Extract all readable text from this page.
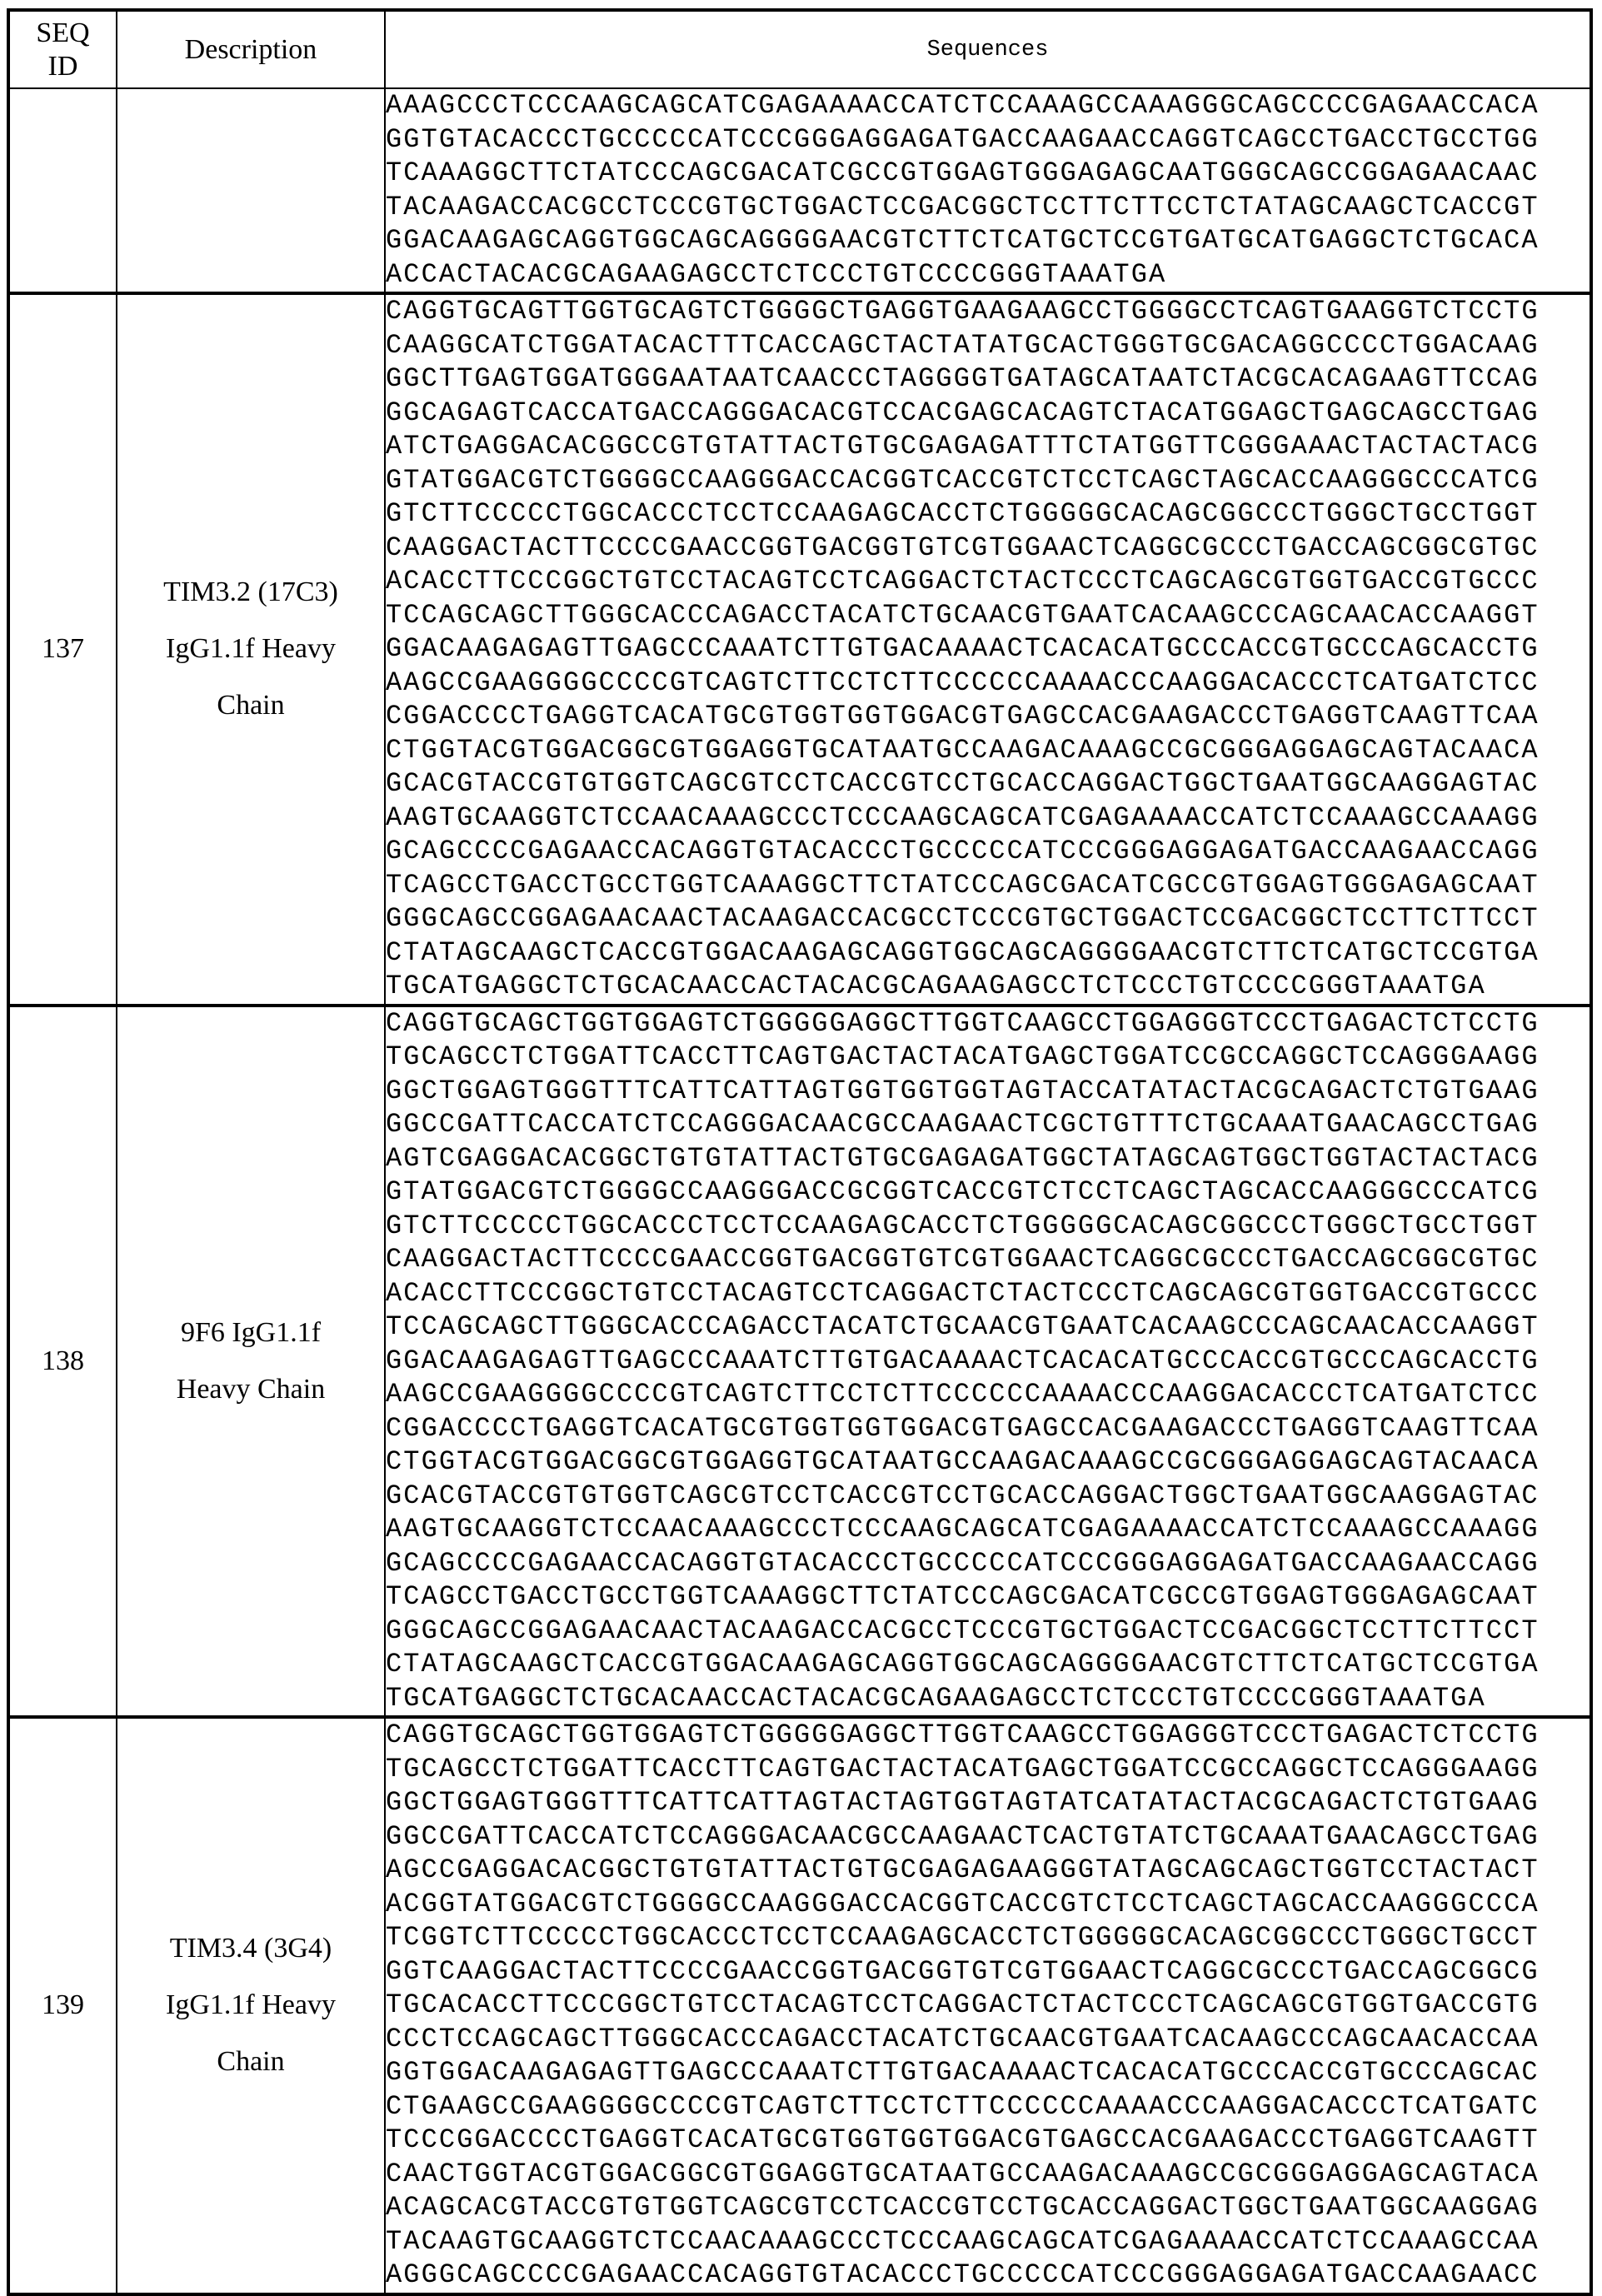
SEQ
ID
	Description	Sequences

AAAGCCCTCCCAAGCAGCATCGAGAAAACCATCTCCAAAGCCAAAGGGCAGCCCCGAGAACCACA
GGTGTACACCCTGCCCCCATCCCGGGAGGAGATGACCAAGAACCAGGTCAGCCTGACCTGCCTGG
TCAAAGGCTTCTATCCCAGCGACATCGCCGTGGAGTGGGAGAGCAATGGGCAGCCGGAGAACAAC
TACAAGACCACGCCTCCCGTGCTGGACTCCGACGGCTCCTTCTTCCTCTATAGCAAGCTCACCGT
GGACAAGAGCAGGTGGCAGCAGGGGAACGTCTTCTCATGCTCCGTGATGCATGAGGCTCTGCACA
ACCACTACACGCAGAAGAGCCTCTCCCTGTCCCCGGGTAAATGA

137	
TIM3.2 (17C3)
IgG1.1f Heavy
Chain

CAGGTGCAGTTGGTGCAGTCTGGGGCTGAGGTGAAGAAGCCTGGGGCCTCAGTGAAGGTCTCCTG
CAAGGCATCTGGATACACTTTCACCAGCTACTATATGCACTGGGTGCGACAGGCCCCTGGACAAG
GGCTTGAGTGGATGGGAATAATCAACCCTAGGGGTGATAGCATAATCTACGCACAGAAGTTCCAG
GGCAGAGTCACCATGACCAGGGACACGTCCACGAGCACAGTCTACATGGAGCTGAGCAGCCTGAG
ATCTGAGGACACGGCCGTGTATTACTGTGCGAGAGATTTCTATGGTTCGGGAAACTACTACTACG
GTATGGACGTCTGGGGCCAAGGGACCACGGTCACCGTCTCCTCAGCTAGCACCAAGGGCCCATCG
GTCTTCCCCCTGGCACCCTCCTCCAAGAGCACCTCTGGGGGCACAGCGGCCCTGGGCTGCCTGGT
CAAGGACTACTTCCCCGAACCGGTGACGGTGTCGTGGAACTCAGGCGCCCTGACCAGCGGCGTGC
ACACCTTCCCGGCTGTCCTACAGTCCTCAGGACTCTACTCCCTCAGCAGCGTGGTGACCGTGCCC
TCCAGCAGCTTGGGCACCCAGACCTACATCTGCAACGTGAATCACAAGCCCAGCAACACCAAGGT
GGACAAGAGAGTTGAGCCCAAATCTTGTGACAAAACTCACACATGCCCACCGTGCCCAGCACCTG
AAGCCGAAGGGGCCCCGTCAGTCTTCCTCTTCCCCCCAAAACCCAAGGACACCCTCATGATCTCC
CGGACCCCTGAGGTCACATGCGTGGTGGTGGACGTGAGCCACGAAGACCCTGAGGTCAAGTTCAA
CTGGTACGTGGACGGCGTGGAGGTGCATAATGCCAAGACAAAGCCGCGGGAGGAGCAGTACAACA
GCACGTACCGTGTGGTCAGCGTCCTCACCGTCCTGCACCAGGACTGGCTGAATGGCAAGGAGTAC
AAGTGCAAGGTCTCCAACAAAGCCCTCCCAAGCAGCATCGAGAAAACCATCTCCAAAGCCAAAGG
GCAGCCCCGAGAACCACAGGTGTACACCCTGCCCCCATCCCGGGAGGAGATGACCAAGAACCAGG
TCAGCCTGACCTGCCTGGTCAAAGGCTTCTATCCCAGCGACATCGCCGTGGAGTGGGAGAGCAAT
GGGCAGCCGGAGAACAACTACAAGACCACGCCTCCCGTGCTGGACTCCGACGGCTCCTTCTTCCT
CTATAGCAAGCTCACCGTGGACAAGAGCAGGTGGCAGCAGGGGAACGTCTTCTCATGCTCCGTGA
TGCATGAGGCTCTGCACAACCACTACACGCAGAAGAGCCTCTCCCTGTCCCCGGGTAAATGA

138	
9F6 IgG1.1f
Heavy Chain

CAGGTGCAGCTGGTGGAGTCTGGGGGAGGCTTGGTCAAGCCTGGAGGGTCCCTGAGACTCTCCTG
TGCAGCCTCTGGATTCACCTTCAGTGACTACTACATGAGCTGGATCCGCCAGGCTCCAGGGAAGG
GGCTGGAGTGGGTTTCATTCATTAGTGGTGGTGGTAGTACCATATACTACGCAGACTCTGTGAAG
GGCCGATTCACCATCTCCAGGGACAACGCCAAGAACTCGCTGTTTCTGCAAATGAACAGCCTGAG
AGTCGAGGACACGGCTGTGTATTACTGTGCGAGAGATGGCTATAGCAGTGGCTGGTACTACTACG
GTATGGACGTCTGGGGCCAAGGGACCGCGGTCACCGTCTCCTCAGCTAGCACCAAGGGCCCATCG
GTCTTCCCCCTGGCACCCTCCTCCAAGAGCACCTCTGGGGGCACAGCGGCCCTGGGCTGCCTGGT
CAAGGACTACTTCCCCGAACCGGTGACGGTGTCGTGGAACTCAGGCGCCCTGACCAGCGGCGTGC
ACACCTTCCCGGCTGTCCTACAGTCCTCAGGACTCTACTCCCTCAGCAGCGTGGTGACCGTGCCC
TCCAGCAGCTTGGGCACCCAGACCTACATCTGCAACGTGAATCACAAGCCCAGCAACACCAAGGT
GGACAAGAGAGTTGAGCCCAAATCTTGTGACAAAACTCACACATGCCCACCGTGCCCAGCACCTG
AAGCCGAAGGGGCCCCGTCAGTCTTCCTCTTCCCCCCAAAACCCAAGGACACCCTCATGATCTCC
CGGACCCCTGAGGTCACATGCGTGGTGGTGGACGTGAGCCACGAAGACCCTGAGGTCAAGTTCAA
CTGGTACGTGGACGGCGTGGAGGTGCATAATGCCAAGACAAAGCCGCGGGAGGAGCAGTACAACA
GCACGTACCGTGTGGTCAGCGTCCTCACCGTCCTGCACCAGGACTGGCTGAATGGCAAGGAGTAC
AAGTGCAAGGTCTCCAACAAAGCCCTCCCAAGCAGCATCGAGAAAACCATCTCCAAAGCCAAAGG
GCAGCCCCGAGAACCACAGGTGTACACCCTGCCCCCATCCCGGGAGGAGATGACCAAGAACCAGG
TCAGCCTGACCTGCCTGGTCAAAGGCTTCTATCCCAGCGACATCGCCGTGGAGTGGGAGAGCAAT
GGGCAGCCGGAGAACAACTACAAGACCACGCCTCCCGTGCTGGACTCCGACGGCTCCTTCTTCCT
CTATAGCAAGCTCACCGTGGACAAGAGCAGGTGGCAGCAGGGGAACGTCTTCTCATGCTCCGTGA
TGCATGAGGCTCTGCACAACCACTACACGCAGAAGAGCCTCTCCCTGTCCCCGGGTAAATGA

139	
TIM3.4 (3G4)
IgG1.1f Heavy
Chain

CAGGTGCAGCTGGTGGAGTCTGGGGGAGGCTTGGTCAAGCCTGGAGGGTCCCTGAGACTCTCCTG
TGCAGCCTCTGGATTCACCTTCAGTGACTACTACATGAGCTGGATCCGCCAGGCTCCAGGGAAGG
GGCTGGAGTGGGTTTCATTCATTAGTACTAGTGGTAGTATCATATACTACGCAGACTCTGTGAAG
GGCCGATTCACCATCTCCAGGGACAACGCCAAGAACTCACTGTATCTGCAAATGAACAGCCTGAG
AGCCGAGGACACGGCTGTGTATTACTGTGCGAGAGAAGGGTATAGCAGCAGCTGGTCCTACTACT
ACGGTATGGACGTCTGGGGCCAAGGGACCACGGTCACCGTCTCCTCAGCTAGCACCAAGGGCCCA
TCGGTCTTCCCCCTGGCACCCTCCTCCAAGAGCACCTCTGGGGGCACAGCGGCCCTGGGCTGCCT
GGTCAAGGACTACTTCCCCGAACCGGTGACGGTGTCGTGGAACTCAGGCGCCCTGACCAGCGGCG
TGCACACCTTCCCGGCTGTCCTACAGTCCTCAGGACTCTACTCCCTCAGCAGCGTGGTGACCGTG
CCCTCCAGCAGCTTGGGCACCCAGACCTACATCTGCAACGTGAATCACAAGCCCAGCAACACCAA
GGTGGACAAGAGAGTTGAGCCCAAATCTTGTGACAAAACTCACACATGCCCACCGTGCCCAGCAC
CTGAAGCCGAAGGGGCCCCGTCAGTCTTCCTCTTCCCCCCAAAACCCAAGGACACCCTCATGATC
TCCCGGACCCCTGAGGTCACATGCGTGGTGGTGGACGTGAGCCACGAAGACCCTGAGGTCAAGTT
CAACTGGTACGTGGACGGCGTGGAGGTGCATAATGCCAAGACAAAGCCGCGGGAGGAGCAGTACA
ACAGCACGTACCGTGTGGTCAGCGTCCTCACCGTCCTGCACCAGGACTGGCTGAATGGCAAGGAG
TACAAGTGCAAGGTCTCCAACAAAGCCCTCCCAAGCAGCATCGAGAAAACCATCTCCAAAGCCAA
AGGGCAGCCCCGAGAACCACAGGTGTACACCCTGCCCCCATCCCGGGAGGAGATGACCAAGAACC
